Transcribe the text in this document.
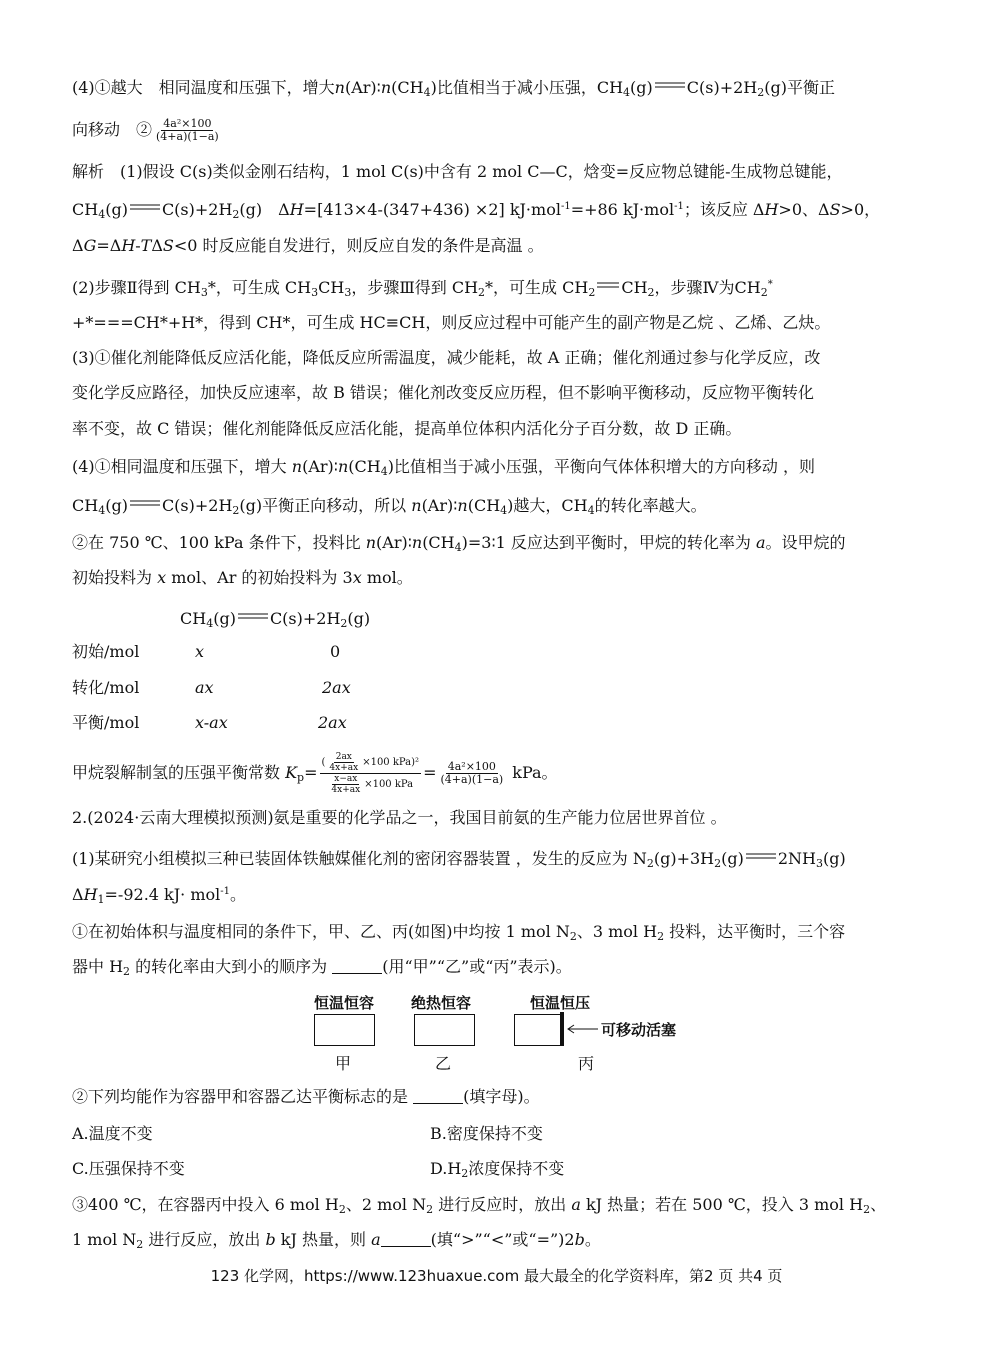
(4)①越大　相同温度和压强下，增大$n(Ar)∶n(CH_4)$比值相当于减小压强，$CH_4(g)$ $C(s)+2H_2(g)$平衡正
向移动　② $\frac{\text{4a²×100}}{(4+a)(1-a)}$
解析　(1)假设 C(s)类似金刚石结构，1 mol C(s)中含有 2 mol C—C，焓变=反应物总键能-生成物总键能，
$CH_4(g)$ $C(s)+2H_2(g)$　ΔH=[413×4-(347+436) ×2] kJ·mol$^{-1}$=+86 kJ·mol$^{-1}$；该反应 ΔH>0、ΔS>0，
ΔG=ΔH-TΔS<0 时反应能自发进行，则反应自发的条件是高温 。
(2)步骤Ⅱ得到 $CH_3*$，可生成 $CH_3CH_3$，步骤Ⅲ得到 $CH_2*$，可生成 $CH_2$ $CH_2$，步骤Ⅳ为$CH_2^*$
+*===CH*+H*，得到 CH*，可生成 HC≡CH，则反应过程中可能产生的副产物是乙烷 、乙烯、乙炔。
(3)①催化剂能降低反应活化能，降低反应所需温度，减少能耗，故 A 正确；催化剂通过参与化学反应，改
变化学反应路径，加快反应速率，故 B 错误；催化剂改变反应历程，但不影响平衡移动，反应物平衡转化
率不变，故 C 错误；催化剂能降低反应活化能，提高单位体积内活化分子百分数，故 D 正确。
(4)①相同温度和压强下，增大 $n(Ar)∶n(CH_4)$比值相当于减小压强，平衡向气体体积增大的方向移动 ，则
$CH_4(g)$ $C(s)+2H_2(g)$平衡正向移动，所以 $n(Ar)∶n(CH_4)$越大，$CH_4$的转化率越大。
②在 750 ℃、100 kPa 条件下，投料比 $n(Ar)∶n(CH_4)=3∶1$ 反应达到平衡时，甲烷的转化率为 a。设甲烷的
初始投料为 x mol、Ar 的初始投料为 3x mol。
$CH_4(g)$ $C(s)+2H_2(g)$
初始/mol	x	0
转化/mol	ax	2ax
平衡/mol	x-ax	2ax
甲烷裂解制氢的压强平衡常数 $K_p= \frac{( \frac{2ax}{4x+ax} \times 100 kPa)^2}{\frac{x-ax}{4x+ax} \times 100 kPa} = \frac{\text{4a²×100}}{(4+a)(1-a)}$ kPa。
2.(2024·云南大理模拟预测)氨是重要的化学品之一，我国目前氨的生产能力位居世界首位 。
(1)某研究小组模拟三种已装固体铁触媒催化剂的密闭容器装置 ，发生的反应为 $N_2(g)+3H_2(g)$ $2NH_3(g)$
$\Delta H_1=-92.4$ kJ· mol$^{-1}$。
①在初始体积与温度相同的条件下，甲、乙、丙(如图)中均按 1 mol $N_2$、3 mol $H_2$ 投料，达平衡时，三个容
器中 $H_2$ 的转化率由大到小的顺序为	(用“甲”“乙”或“丙”表示)。
恒温恒容 绝热恒容	恒温恒压
可移动活塞
甲	乙	丙
②下列均能作为容器甲和容器乙达平衡标志的是	(填字母)。
A.温度不变	B.密度保持不变
C.压强保持不变	$D.H_2$浓度保持不变
③400 ℃，在容器丙中投入 6 mol $H_2$、2 mol $N_2$ 进行反应时，放出 a kJ 热量；若在 500 ℃，投入 3 mol $H_2$、
1 mol $N_2$ 进行反应，放出 b kJ 热量，则 a	(填“>”“<”或“=”)2b。
123 化学网，https://www.123huaxue.com 最大最全的化学资料库，第2 页 共4 页
